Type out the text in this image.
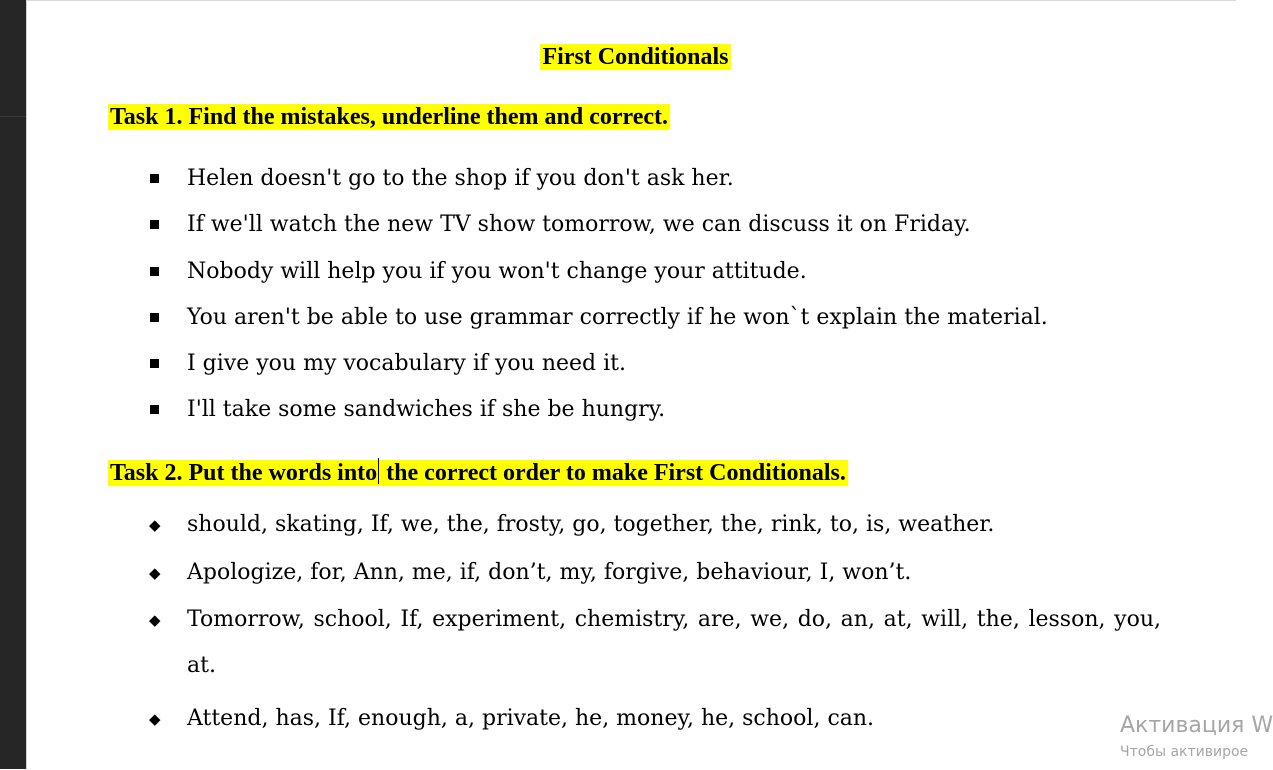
First Conditionals
Task 1. Find the mistakes, underline them and correct.
Helen doesn't go to the shop if you don't ask her.
If we'll watch the new TV show tomorrow, we can discuss it on Friday.
Nobody will help you if you won't change your attitude.
You aren't be able to use grammar correctly if he won`t explain the material.
I give you my vocabulary if you need it.
I'll take some sandwiches if she be hungry.
Task 2. Put the words into the correct order to make First Conditionals.
◆ should, skating, If, we, the, frosty, go, together, the, rink, to, is, weather.
◆ Apologize, for, Ann, me, if, don’t, my, forgive, behaviour, I, won’t.
◆ Tomorrow, school, If, experiment, chemistry, are, we, do, an, at, will, the, lesson, you, at.
◆ Attend, has, If, enough, a, private, he, money, he, school, can.	Активация W
Чтобы активирое
